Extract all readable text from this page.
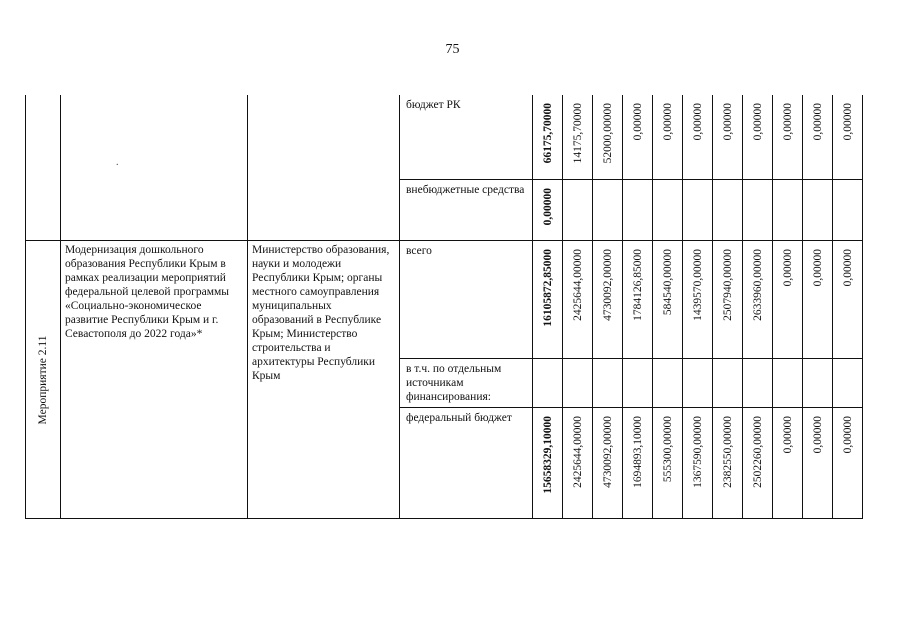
75
.

			бюджет РК	66175,70000	14175,70000	52000,00000	0,00000	0,00000	0,00000	0,00000	0,00000	0,00000	0,00000	0,00000

			внебюджетные средства	0,00000										

Мероприятие 2.11	Модернизация дошкольного образования Республики Крым в рамках реализации мероприятий федеральной целевой программы «Социально-экономическое развитие Республики Крым и г. Севастополя до 2022 года»*	Министерство образования, науки и молодежи Республики Крым; органы местного самоуправления муниципальных образований в Республике Крым; Министерство строительства и архитектуры Республики Крым	всего	16105872,85000	2425644,00000	4730092,00000	1784126,85000	584540,00000	1439570,00000	2507940,00000	2633960,00000	0,00000	0,00000	0,00000

			в т.ч. по отдельным источникам финансирования:											

			федеральный бюджет	15658329,10000	2425644,00000	4730092,00000	1694893,10000	555300,00000	1367590,00000	2382550,00000	2502260,00000	0,00000	0,00000	0,00000
